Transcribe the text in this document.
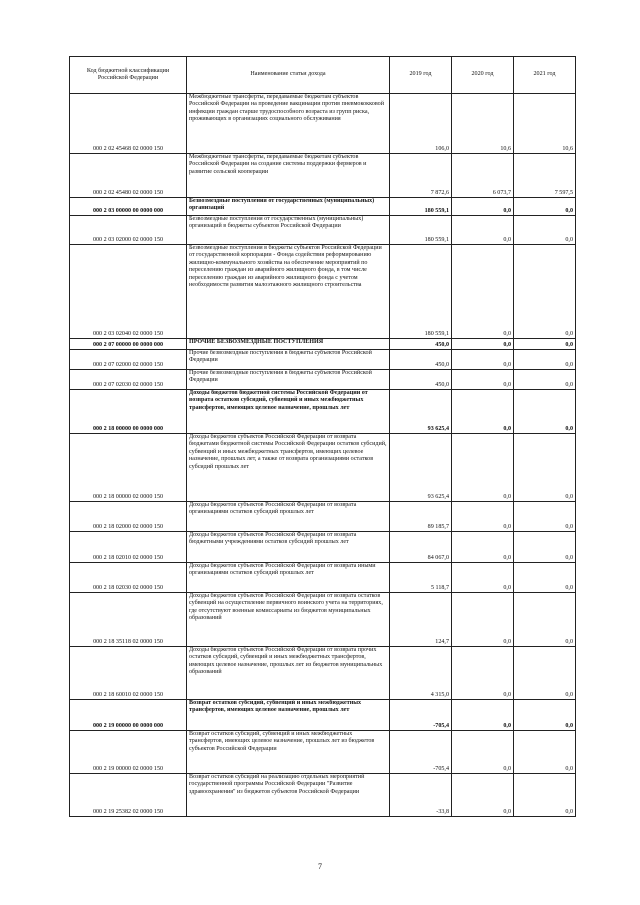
Код бюджетной классификации Российской Федерации	Наименование статьи дохода	2019 год	2020 год	2021 год
000 2 02 45468 02 0000 150	Межбюджетные трансферты, передаваемые бюджетам субъектов Российской Федерации на проведение вакцинации против пневмококковой инфекции граждан старше трудоспособного возраста из групп риска, проживающих в организациях социального обслуживания	106,0	10,6	10,6
000 2 02 45480 02 0000 150	Межбюджетные трансферты, передаваемые бюджетам субъектов Российской Федерации на создание системы поддержки фермеров и развитие сельской кооперации	7 872,6	6 073,7	7 597,5
000 2 03 00000 00 0000 000	Безвозмездные поступления от государственных (муниципальных) организаций	180 559,1	0,0	0,0
000 2 03 02000 02 0000 150	Безвозмездные поступления от государственных (муниципальных) организаций в бюджеты субъектов Российской Федерации	180 559,1	0,0	0,0
000 2 03 02040 02 0000 150	Безвозмездные поступления в бюджеты субъектов Российской Федерации от государственной корпорации - Фонда содействия реформированию жилищно-коммунального хозяйства на обеспечение мероприятий по переселению граждан из аварийного жилищного фонда, в том числе переселению граждан из аварийного жилищного фонда с учетом необходимости развития малоэтажного жилищного строительства	180 559,1	0,0	0,0
000 2 07 00000 00 0000 000	ПРОЧИЕ БЕЗВОЗМЕЗДНЫЕ ПОСТУПЛЕНИЯ	450,0	0,0	0,0
000 2 07 02000 02 0000 150	Прочие безвозмездные поступления в бюджеты субъектов Российской Федерации	450,0	0,0	0,0
000 2 07 02030 02 0000 150	Прочие безвозмездные поступления в бюджеты субъектов Российской Федерации	450,0	0,0	0,0
000 2 18 00000 00 0000 000	Доходы бюджетов бюджетной системы Российской Федерации от возврата остатков субсидий, субвенций и иных межбюджетных трансфертов, имеющих целевое назначение, прошлых лет	93 625,4	0,0	0,0
000 2 18 00000 02 0000 150	Доходы бюджетов субъектов Российской Федерации от возврата бюджетами бюджетной системы Российской Федерации остатков субсидий, субвенций и иных межбюджетных трансфертов, имеющих целевое назначение, прошлых лет, а также от возврата организациями остатков субсидий прошлых лет	93 625,4	0,0	0,0
000 2 18 02000 02 0000 150	Доходы бюджетов субъектов Российской Федерации от возврата организациями остатков субсидий прошлых лет	89 185,7	0,0	0,0
000 2 18 02010 02 0000 150	Доходы бюджетов субъектов Российской Федерации от возврата бюджетными учреждениями остатков субсидий прошлых лет	84 067,0	0,0	0,0
000 2 18 02030 02 0000 150	Доходы бюджетов субъектов Российской Федерации от возврата иными организациями остатков субсидий прошлых лет	5 118,7	0,0	0,0
000 2 18 35118 02 0000 150	Доходы бюджетов субъектов Российской Федерации от возврата остатков субвенций на осуществление первичного воинского учета на территориях, где отсутствуют военные комиссариаты из бюджетов муниципальных образований	124,7	0,0	0,0
000 2 18 60010 02 0000 150	Доходы бюджетов субъектов Российской Федерации от возврата прочих остатков субсидий, субвенций и иных межбюджетных трансфертов, имеющих целевое назначение, прошлых лет из бюджетов муниципальных образований	4 315,0	0,0	0,0
000 2 19 00000 00 0000 000	Возврат остатков субсидий, субвенций и иных межбюджетных трансфертов, имеющих целевое назначение, прошлых лет	-705,4	0,0	0,0
000 2 19 00000 02 0000 150	Возврат остатков субсидий, субвенций и иных межбюджетных трансфертов, имеющих целевое назначение, прошлых лет из бюджетов субъектов Российской Федерации	-705,4	0,0	0,0
000 2 19 25382 02 0000 150	Возврат остатков субсидий на реализацию отдельных мероприятий государственной программы Российской Федерации "Развитие здравоохранения" из бюджетов субъектов Российской Федерации	-33,8	0,0	0,0
7
